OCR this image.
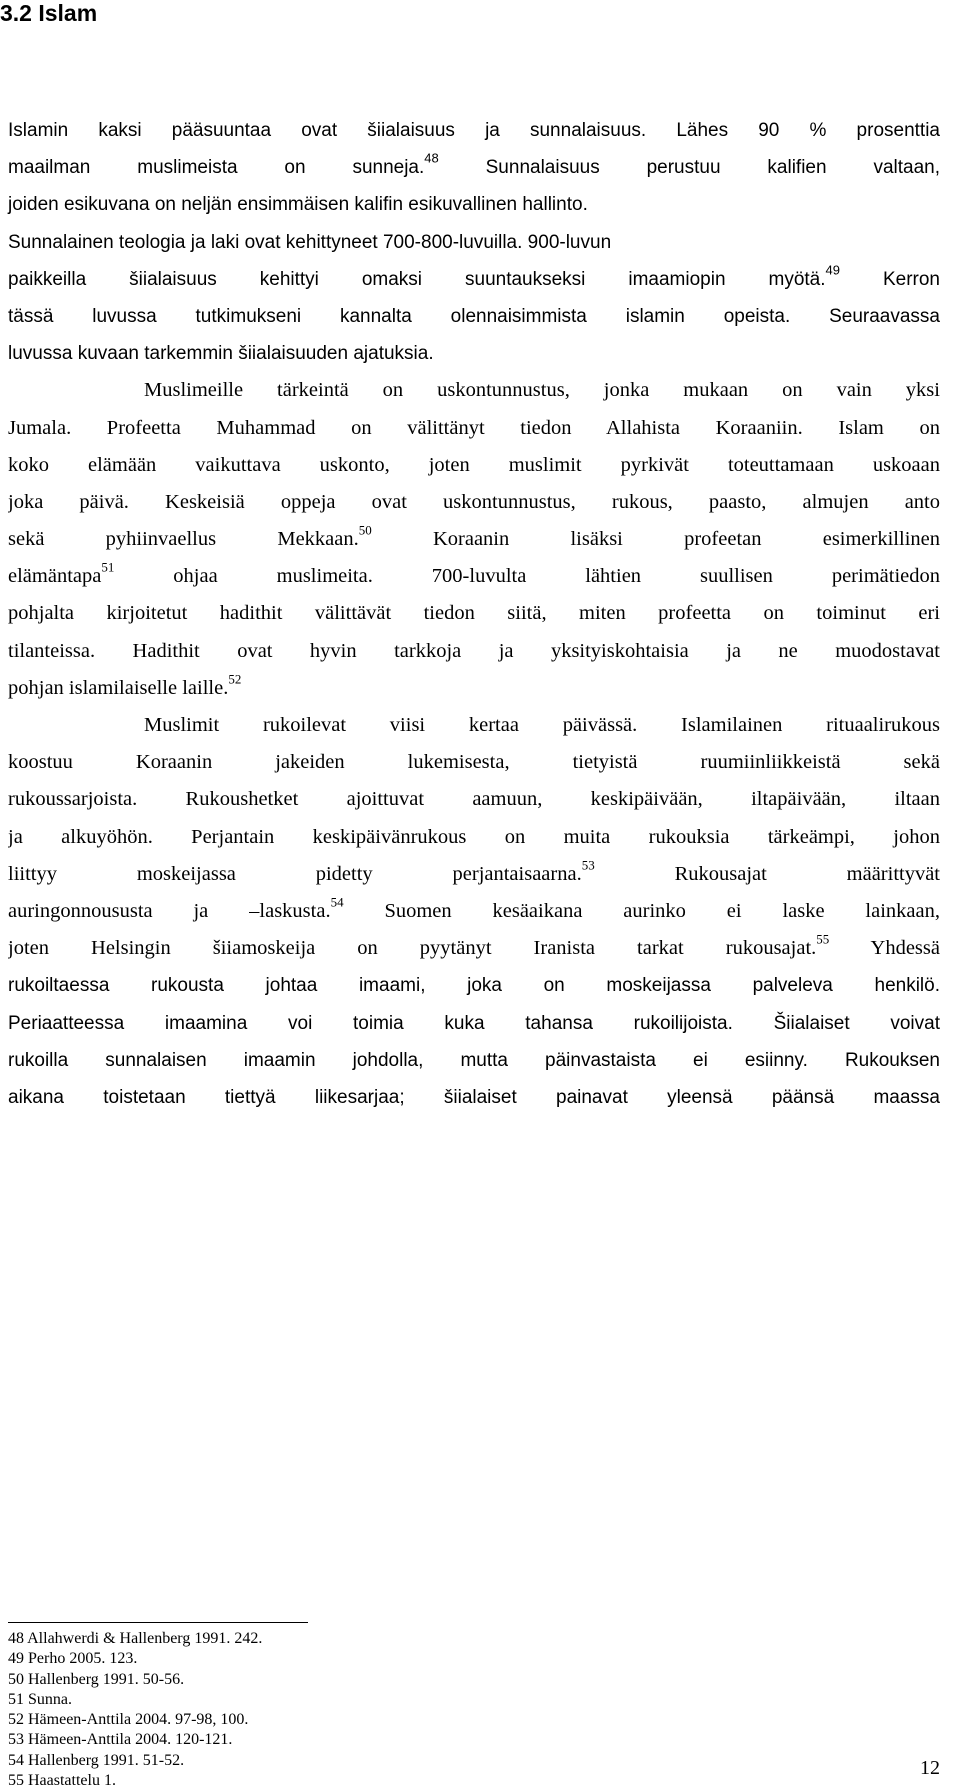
3.2 Islam
Islamin kaksi pääsuuntaa ovat šiialaisuus ja sunnalaisuus. Lähes 90 % prosenttia
maailman muslimeista on sunneja.$^{48}$ Sunnalaisuus perustuu kalifien valtaan,
joiden esikuvana on neljän ensimmäisen kalifin esikuvallinen hallinto.
Sunnalainen teologia ja laki ovat kehittyneet 700-800-luvuilla. 900-luvun
paikkeilla šiialaisuus kehittyi omaksi suuntaukseksi imaamiopin myötä.$^{49}$ Kerron
tässä luvussa tutkimukseni kannalta olennaisimmista islamin opeista. Seuraavassa
luvussa kuvaan tarkemmin šiialaisuuden ajatuksia.
Muslimeille tärkeintä on uskontunnustus, jonka mukaan on vain yksi
Jumala. Profeetta Muhammad on välittänyt tiedon Allahista Koraaniin. Islam on
koko elämään vaikuttava uskonto, joten muslimit pyrkivät toteuttamaan uskoaan
joka päivä. Keskeisiä oppeja ovat uskontunnustus, rukous, paasto, almujen anto
sekä pyhiinvaellus Mekkaan.$^{50}$ Koraanin lisäksi profeetan esimerkillinen
elämäntapa$^{51}$ ohjaa muslimeita. 700-luvulta lähtien suullisen perimätiedon
pohjalta kirjoitetut hadithit välittävät tiedon siitä, miten profeetta on toiminut eri
tilanteissa. Hadithit ovat hyvin tarkkoja ja yksityiskohtaisia ja ne muodostavat
pohjan islamilaiselle laille.$^{52}$
Muslimit rukoilevat viisi kertaa päivässä. Islamilainen rituaalirukous
koostuu Koraanin jakeiden lukemisesta, tietyistä ruumiinliikkeistä sekä
rukoussarjoista. Rukoushetket ajoittuvat aamuun, keskipäivään, iltapäivään, iltaan
ja alkuyöhön. Perjantain keskipäivänrukous on muita rukouksia tärkeämpi, johon
liittyy moskeijassa pidetty perjantaisaarna.$^{53}$ Rukousajat määrittyvät
auringonnoususta ja –laskusta.$^{54}$ Suomen kesäaikana aurinko ei laske lainkaan,
joten Helsingin šiiamoskeija on pyytänyt Iranista tarkat rukousajat.$^{55}$ Yhdessä
rukoiltaessa rukousta johtaa imaami, joka on moskeijassa palveleva henkilö.
Periaatteessa imaamina voi toimia kuka tahansa rukoilijoista. Šiialaiset voivat
rukoilla sunnalaisen imaamin johdolla, mutta päinvastaista ei esiinny. Rukouksen
aikana toistetaan tiettyä liikesarjaa; šiialaiset painavat yleensä päänsä maassa
48 Allahwerdi & Hallenberg 1991. 242.
49 Perho 2005. 123.
50 Hallenberg 1991. 50-56.
51 Sunna.
52 Hämeen-Anttila 2004. 97-98, 100.
53 Hämeen-Anttila 2004. 120-121.
54 Hallenberg 1991. 51-52.
55 Haastattelu 1.
12
